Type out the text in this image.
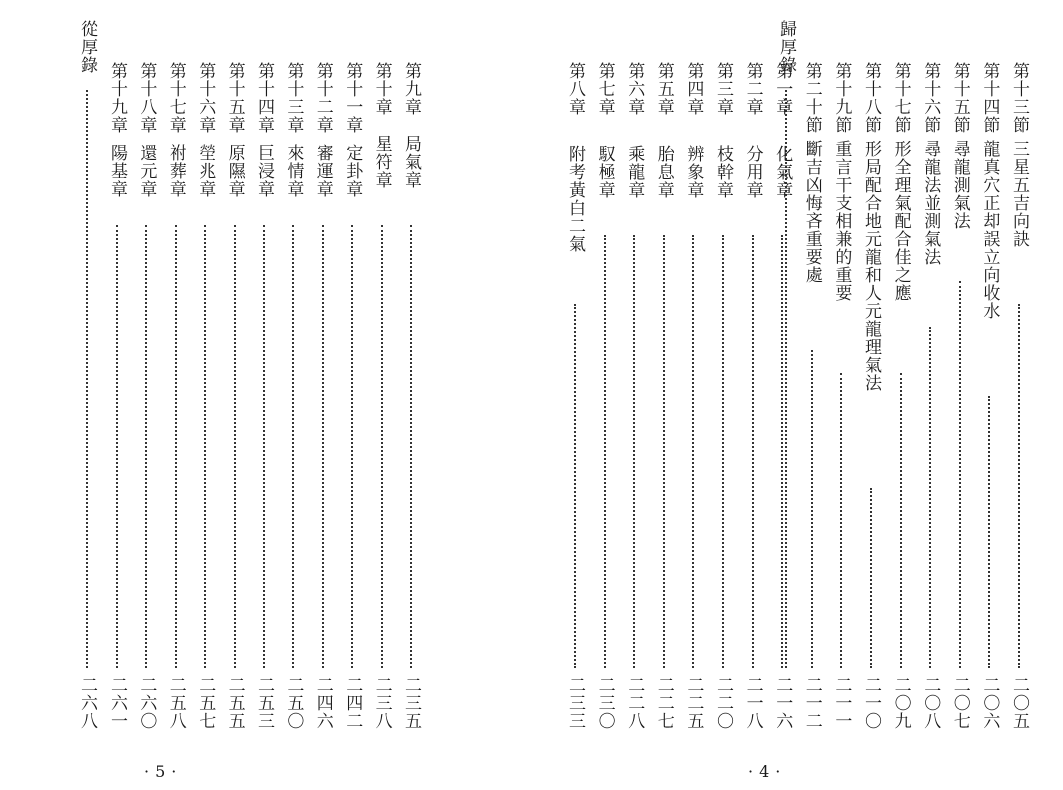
從厚錄
第九章局氣章
二三五
第十章星符章
二三八
第十一章定卦章
二四二
第十二章審運章
二四六
第十三章來情章
二五〇
第十四章巨浸章
二五三
第十五章原隰章
二五五
第十六章塋兆章
二五七
第十七章祔葬章
二五八
第十八章還元章
二六〇
第十九章陽基章
二六一
·5·
二六八
歸厚錄
第十三節三星五吉向訣
二〇五
第十四節龍真穴正却誤立向收水
二〇六
第十五節尋龍測氣法
二〇七
第十六節尋龍法並測氣法
二〇八
第十七節形全理氣配合佳之應
二〇九
第十八節形局配合地元龍和人元龍理氣法
二一〇
第十九節重言干支相兼的重要
二一一
第二十節斷吉凶悔吝重要處
二一二
第一章化氣章
二一六
第二章分用章
二一八
第三章枝幹章
二二〇
第四章辨象章
二二五
第五章胎息章
二二七
第六章乘龍章
二二八
第七章馭極章
二三〇
第八章附考黃白二氣
二三三
·4·
